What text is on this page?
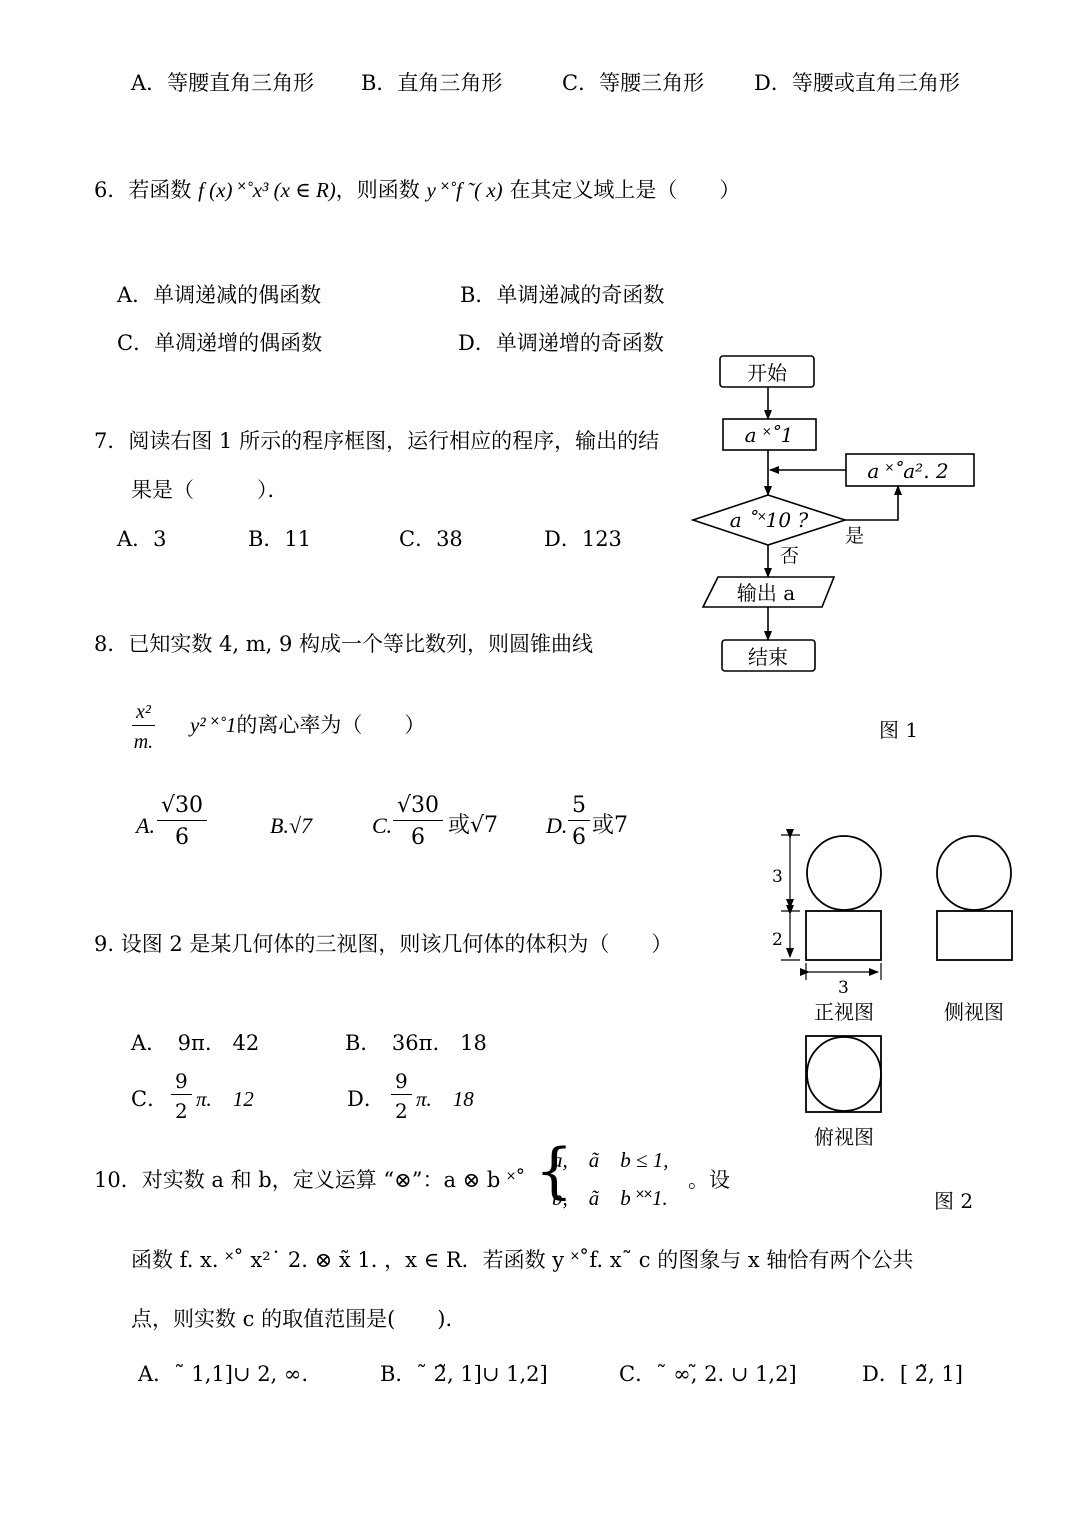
A．等腰直角三角形 B．直角三角形	C．等腰三角形 D．等腰或直角三角形
6．若函数 f (x) ˟˚x³ (x ∈ R)，则函数 y ˟˚f ˜( x) 在其定义域上是（　　）
A．单调递减的偶函数	B．单调递减的奇函数
C．单凋递增的偶函数	D．单调递增的奇函数
7．阅读右图 1 所示的程序框图，运行相应的程序，输出的结
果是（　　　）．
A．3	B．11	C．38	D．123
开始
a ˟˚1
a ˟˚a². 2
a ˚˟10 ?
是
否
输出 a
结束
图 1
3
2
3
正视图	侧视图
俯视图
图 2
8．已知实数 4, m, 9 构成一个等比数列，则圆锥曲线
$\frac{\text{x²}}{m.} y^2$ ˟˚1的离心率为（　　）
A. $\frac{√30}{6}$	B.√7	C. $\frac{√30}{6}$ 或√7 D. $\frac{5}{6}$ 或7
9. 设图 2 是某几何体的三视图，则该几何体的体积为（　　）
A．　9π.　42	B．　36π.　18
C． $\frac{9}{2} \pi$.　12	D． $\frac{9}{2} \pi$.　18
10．对实数 a 和 b，定义运算 “⊗”：a ⊗ b ˟˚ {
a,　ã　b ≤ 1,
b,　ã　b ˟˟1.
。设
函数 f. x. ˟˚ x²˙ 2. ⊗ x̃ 1. ，x ∈ R．若函数 y ˟˚f. x˜ c 的图象与 x 轴恰有两个公共
点，则实数 c 的取值范围是(　　)．
A．˜ 1,1]∪ 2, ∞.	B．˜ 2̃, 1]∪ 1,2]	C．˜ ∞,̃ 2. ∪ 1,2]	D．[ 2̃, 1]
